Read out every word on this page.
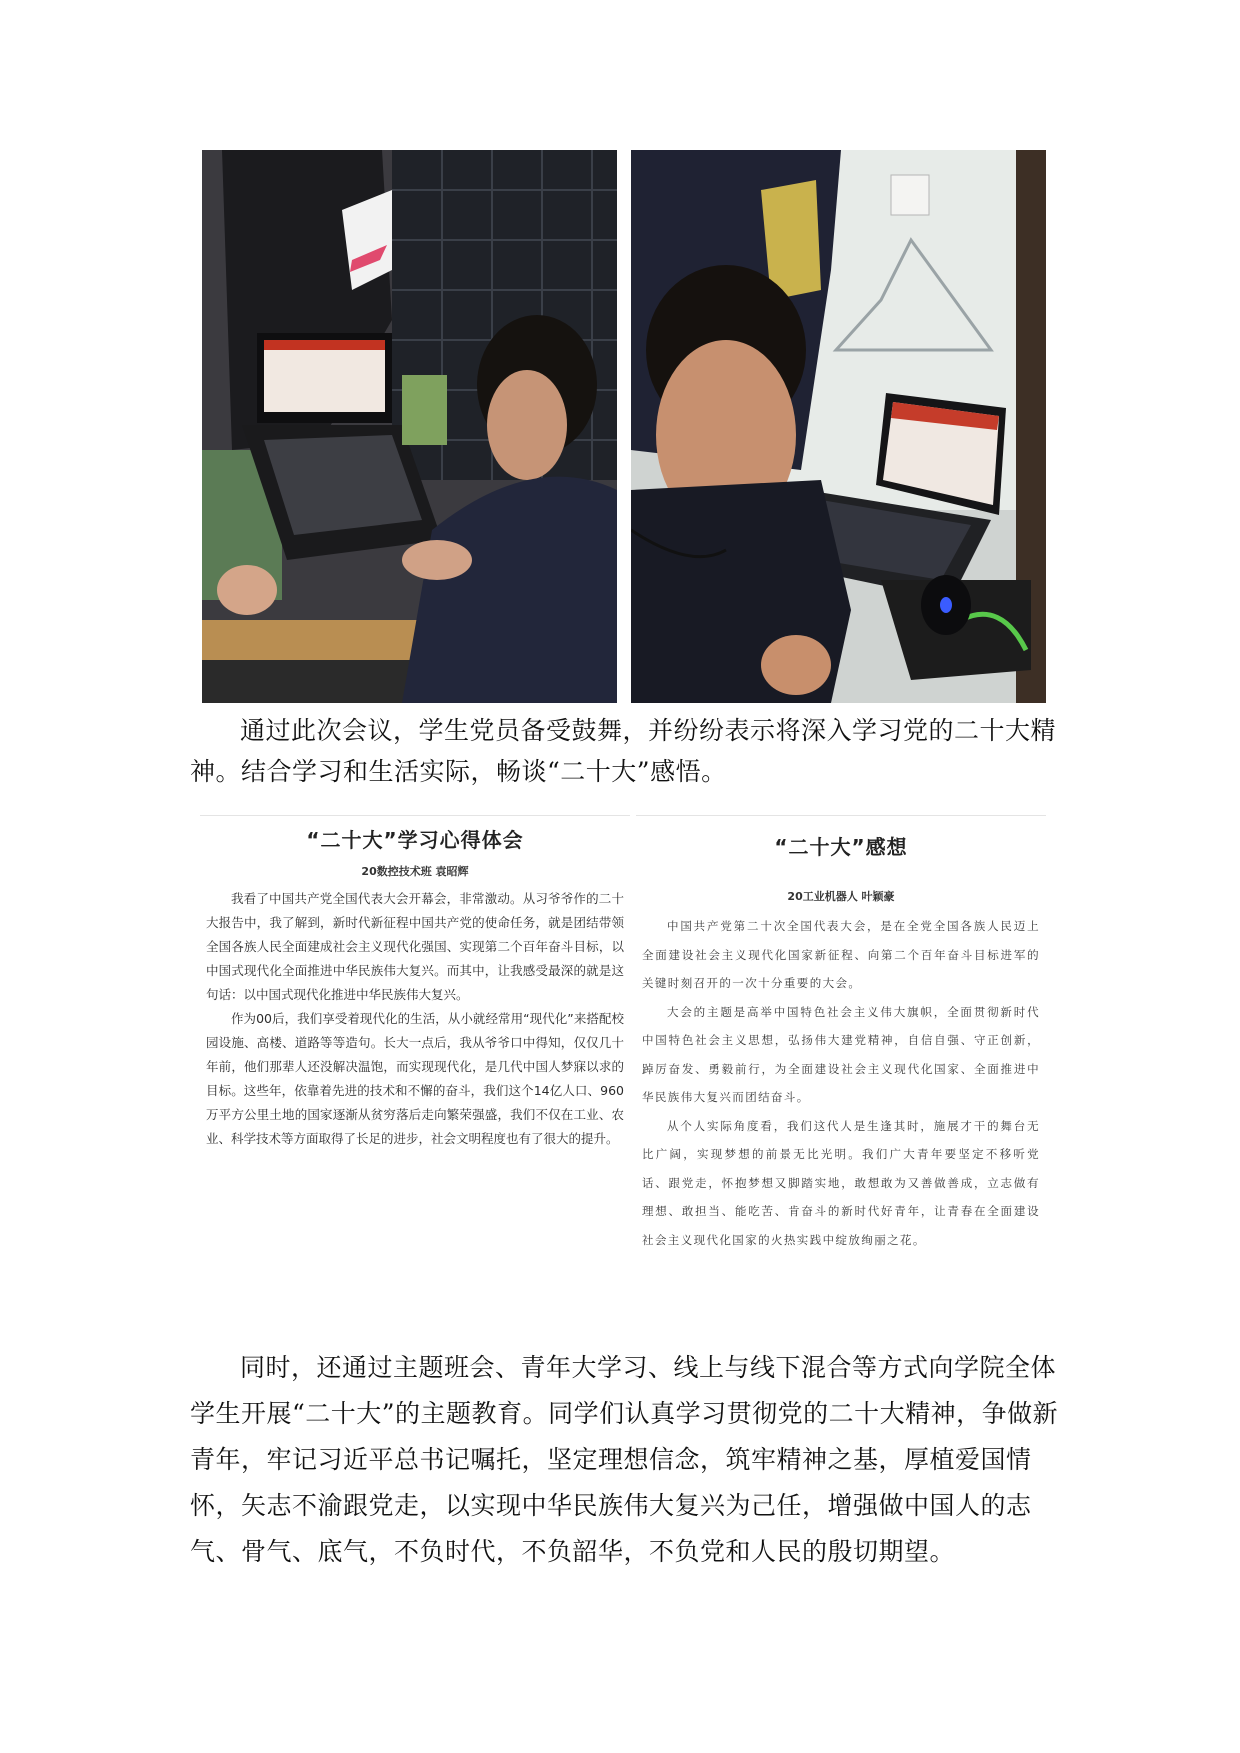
通过此次会议，学生党员备受鼓舞，并纷纷表示将深入学习党的二十大精神。结合学习和生活实际，畅谈“二十大”感悟。

“二十大”学习心得体会
20数控技术班 袁昭辉

我看了中国共产党全国代表大会开幕会，非常激动。从习爷爷作的二十大报告中，我了解到，新时代新征程中国共产党的使命任务，就是团结带领全国各族人民全面建成社会主义现代化强国、实现第二个百年奋斗目标，以中国式现代化全面推进中华民族伟大复兴。而其中，让我感受最深的就是这句话：以中国式现代化推进中华民族伟大复兴。

作为00后，我们享受着现代化的生活，从小就经常用“现代化”来搭配校园设施、高楼、道路等等造句。长大一点后，我从爷爷口中得知，仅仅几十年前，他们那辈人还没解决温饱，而实现现代化，是几代中国人梦寐以求的目标。这些年，依靠着先进的技术和不懈的奋斗，我们这个14亿人口、960万平方公里土地的国家逐渐从贫穷落后走向繁荣强盛，我们不仅在工业、农业、科学技术等方面取得了长足的进步，社会文明程度也有了很大的提升。

“二十大”感想
20工业机器人 叶颖豪

中国共产党第二十次全国代表大会，是在全党全国各族人民迈上全面建设社会主义现代化国家新征程、向第二个百年奋斗目标进军的关键时刻召开的一次十分重要的大会。

大会的主题是高举中国特色社会主义伟大旗帜，全面贯彻新时代中国特色社会主义思想，弘扬伟大建党精神，自信自强、守正创新，踔厉奋发、勇毅前行，为全面建设社会主义现代化国家、全面推进中华民族伟大复兴而团结奋斗。

从个人实际角度看，我们这代人是生逢其时，施展才干的舞台无比广阔，实现梦想的前景无比光明。我们广大青年要坚定不移听党话、跟党走，怀抱梦想又脚踏实地，敢想敢为又善做善成，立志做有理想、敢担当、能吃苦、肯奋斗的新时代好青年，让青春在全面建设社会主义现代化国家的火热实践中绽放绚丽之花。

同时，还通过主题班会、青年大学习、线上与线下混合等方式向学院全体学生开展“二十大”的主题教育。同学们认真学习贯彻党的二十大精神，争做新青年，牢记习近平总书记嘱托，坚定理想信念，筑牢精神之基，厚植爱国情怀，矢志不渝跟党走，以实现中华民族伟大复兴为己任，增强做中国人的志气、骨气、底气，不负时代，不负韶华，不负党和人民的殷切期望。
